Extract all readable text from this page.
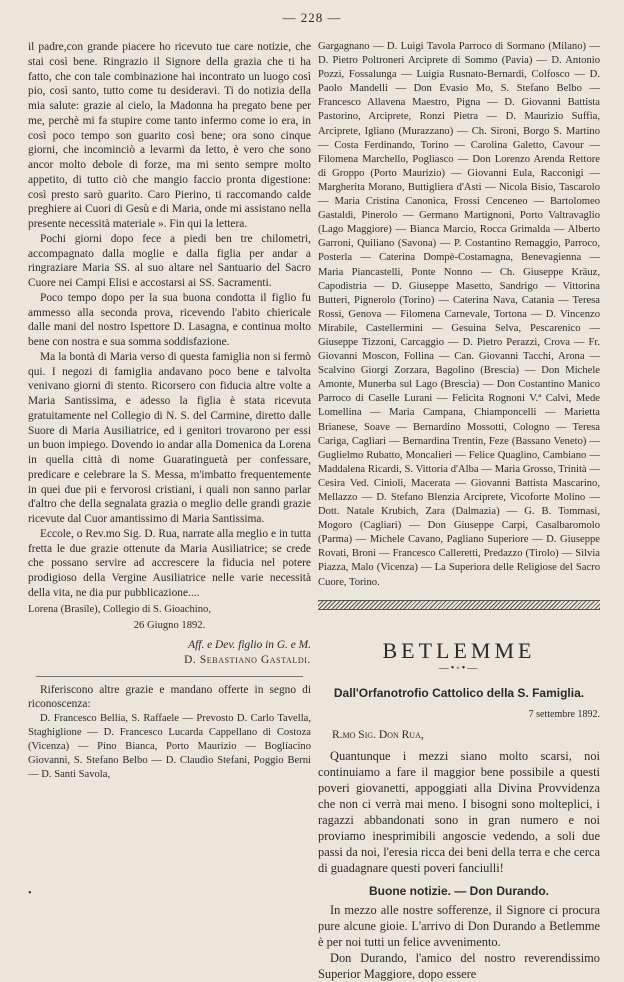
— 228 —

il padre,con grande piacere ho ricevuto tue care notizie, che stai così bene. Ringrazio il Signore della grazia che ti ha fatto, che con tale combinazione hai incontrato un luogo così pio, così santo, tutto come tu desideravi. Ti do notizia della mia salute: grazie al cielo, la Madonna ha pregato bene per me, perchè mi fa stupire come tanto infermo come io era, in così poco tempo son guarito così bene; ora sono cinque giorni, che incominciò a levarmi da letto, è vero che sono ancor molto debole di forze, ma mi sento sempre molto appetito, di tutto ciò che mangio faccio pronta digestione: così presto sarò guarito. Caro Pierino, ti raccomando calde preghiere ai Cuori di Gesù e di Maria, onde mi assistano nella presente necessità materiale ». Fin qui la lettera.

Pochi giorni dopo fece a piedi ben tre chilometri, accompagnato dalla moglie e dalla figlia per andar a ringraziare Maria SS. al suo altare nel Santuario del Sacro Cuore nei Campi Elisi e accostarsi ai SS. Sacramenti.

Poco tempo dopo per la sua buona condotta il figlio fu ammesso alla seconda prova, ricevendo l'abito chiericale dalle mani del nostro Ispettore D. Lasagna, e continua molto bene con nostra e sua somma soddisfazione.

Ma la bontà di Maria verso di questa famiglia non si fermò qui. I negozi di famiglia andavano poco bene e talvolta venivano giorni di stento. Ricorsero con fiducia altre volte a Maria Santissima, e adesso la figlia è stata ricevuta gratuitamente nel Collegio di N. S. del Carmine, diretto dalle Suore di Maria Ausiliatrice, ed i genitori trovarono per essi un buon impiego. Dovendo io andar alla Domenica da Lorena in quella città di nome Guaratinguetà per confessare, predicare e celebrare la S. Messa, m'imbatto frequentemente in quei due pii e fervorosi cristiani, i quali non sanno parlar d'altro che della segnalata grazia o meglio delle grandi grazie ricevute dal Cuor amantissimo di Maria Santissima.

Eccole, o Rev.mo Sig. D. Rua, narrate alla meglio e in tutta fretta le due grazie ottenute da Maria Ausiliatrice; se crede che possano servire ad accrescere la fiducia nel potere prodigioso della Vergine Ausiliatrice nelle varie necessità della vita, ne dia pur pubblicazione....

Lorena (Brasile), Collegio di S. Gioachino,

26 Giugno 1892.

Aff. e Dev. figlio in G. e M.

D. Sebastiano Gastaldi.

Riferiscono altre grazie e mandano offerte in segno di riconoscenza:

D. Francesco Bellia, S. Raffaele — Prevosto D. Carlo Tavella, Staghiglione — D. Francesco Lucarda Cappellano di Costoza (Vicenza) — Pino Bianca, Porto Maurizio — Boglíacino Giovanni, S. Stefano Belbo — D. Claudio Stefani, Poggio Berni — D. Santi Savola,

Gargagnano — D. Luigi Tavola Parroco di Sormano (Milano) — D. Pietro Poltroneri Arciprete di Sommo (Pavia) — D. Antonio Pozzi, Fossalunga — Luigia Rusnato-Bernardi, Colfosco — D. Paolo Mandelli — Don Evasio Mo, S. Stefano Belbo — Francesco Allavena Maestro, Pigna — D. Giovanni Battista Pastorino, Arciprete, Ronzi Pietra — D. Maurizio Suffia, Arciprete, Igliano (Murazzano) — Ch. Sironi, Borgo S. Martino — Costa Ferdinando, Torino — Carolina Galetto, Cavour — Filomena Marchello, Pogliasco — Don Lorenzo Arenda Rettore di Groppo (Porto Maurizio) — Giovanni Eula, Racconigi — Margherita Morano, Buttigliera d'Asti — Nicola Bisio, Tascarolo — Maria Cristina Canonica, Frossi Cenceneo — Bartolomeo Gastaldi, Pinerolo — Germano Martignoni, Porto Valtravaglio (Lago Maggiore) — Bianca Marcio, Rocca Grimalda — Alberto Garroni, Quiliano (Savona) — P. Costantino Remaggio, Parroco, Posterla — Caterina Dompè-Costamagna, Benevagienna — Maria Piancastelli, Ponte Nonno — Ch. Giuseppe Kräuz, Capodistria — D. Giuseppe Masetto, Sandrigo — Vittorina Butteri, Pignerolo (Torino) — Caterina Nava, Catania — Teresa Rossi, Genova — Filomena Carnevale, Tortona — D. Vincenzo Mirabile, Castellermini — Gesuina Selva, Pescarenico — Giuseppe Tizzoni, Carcaggio — D. Pietro Perazzi, Crova — Fr. Giovanni Moscon, Follina — Can. Giovanni Tacchi, Arona — Scalvino Giorgi Zorzara, Bagolino (Brescia) — Don Michele Amonte, Munerba sul Lago (Brescia) — Don Costantino Manico Parroco di Caselle Lurani — Felicita Rognoni V.ª Calvi, Mede Lomellina — Maria Campana, Chiamponcelli — Marietta Brianese, Soave — Bernardino Mossotti, Cologno — Teresa Cariga, Cagliari — Bernardina Trentin, Feze (Bassano Veneto) — Guglielmo Rubatto, Moncalieri — Felice Quaglino, Cambiano — Maddalena Ricardi, S. Vittoria d'Alba — Maria Grosso, Trinità — Cesira Ved. Cinioli, Macerata — Giovanni Battista Mascarino, Mellazzo — D. Stefano Blenzia Arciprete, Vicoforte Molino — Dott. Natale Krubich, Zara (Dalmazia) — G. B. Tommasi, Mogoro (Cagliari) — Don Giuseppe Carpi, Casalbaromolo (Parma) — Michele Cavano, Pagliano Superiore — D. Giuseppe Rovati, Broni — Francesco Calleretti, Predazzo (Tirolo) — Silvia Piazza, Malo (Vicenza) — La Superiora delle Religiose del Sacro Cuore, Torino.

BETLEMME
—•◦•—
Dall'Orfanotrofio Cattolico della S. Famiglia.

7 settembre 1892.

R.mo Sig. Don Rua,

Quantunque i mezzi siano molto scarsi, noi continuiamo a fare il maggior bene possibile a questi poveri giovanetti, appoggiati alla Divina Provvidenza che non ci verrà mai meno. I bisogni sono molteplici, i ragazzi abbandonati sono in gran numero e noi proviamo inesprimibili angoscie vedendo, a soli due passi da noi, l'eresia ricca dei beni della terra e che cerca di guadagnare questi poveri fanciulli!

Buone notizie. — Don Durando.

In mezzo alle nostre sofferenze, il Signore ci procura pure alcune gioie. L'arrivo di Don Durando a Betlemme è per noi tutti un felice avvenimento.

Don Durando, l'amico del nostro reverendissimo Superior Maggiore, dopo essere

•
